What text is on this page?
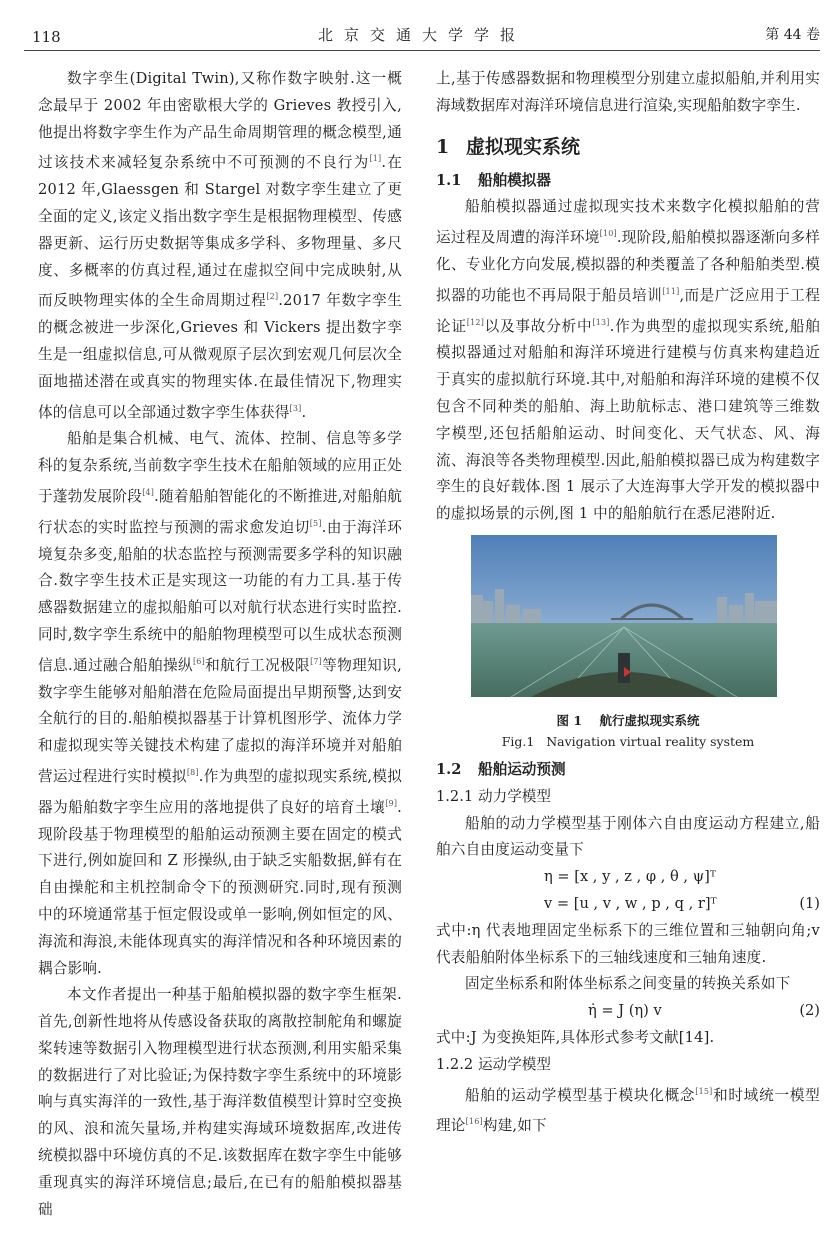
118	北京交通大学学报	第 44 卷

数字孪生(Digital Twin),又称作数字映射.这一概念最早于 2002 年由密歇根大学的 Grieves 教授引入,他提出将数字孪生作为产品生命周期管理的概念模型,通过该技术来减轻复杂系统中不可预测的不良行为[1].在 2012 年,Glaessgen 和 Stargel 对数字孪生建立了更全面的定义,该定义指出数字孪生是根据物理模型、传感器更新、运行历史数据等集成多学科、多物理量、多尺度、多概率的仿真过程,通过在虚拟空间中完成映射,从而反映物理实体的全生命周期过程[2].2017 年数字孪生的概念被进一步深化,Grieves 和 Vickers 提出数字孪生是一组虚拟信息,可从微观原子层次到宏观几何层次全面地描述潜在或真实的物理实体.在最佳情况下,物理实体的信息可以全部通过数字孪生体获得[3].

船舶是集合机械、电气、流体、控制、信息等多学科的复杂系统,当前数字孪生技术在船舶领域的应用正处于蓬勃发展阶段[4].随着船舶智能化的不断推进,对船舶航行状态的实时监控与预测的需求愈发迫切[5].由于海洋环境复杂多变,船舶的状态监控与预测需要多学科的知识融合.数字孪生技术正是实现这一功能的有力工具.基于传感器数据建立的虚拟船舶可以对航行状态进行实时监控.同时,数字孪生系统中的船舶物理模型可以生成状态预测信息.通过融合船舶操纵[6]和航行工况极限[7]等物理知识,数字孪生能够对船舶潜在危险局面提出早期预警,达到安全航行的目的.船舶模拟器基于计算机图形学、流体力学和虚拟现实等关键技术构建了虚拟的海洋环境并对船舶营运过程进行实时模拟[8].作为典型的虚拟现实系统,模拟器为船舶数字孪生应用的落地提供了良好的培育土壤[9].现阶段基于物理模型的船舶运动预测主要在固定的模式下进行,例如旋回和 Z 形操纵,由于缺乏实船数据,鲜有在自由操舵和主机控制命令下的预测研究.同时,现有预测中的环境通常基于恒定假设或单一影响,例如恒定的风、海流和海浪,未能体现真实的海洋情况和各种环境因素的耦合影响.

本文作者提出一种基于船舶模拟器的数字孪生框架.首先,创新性地将从传感设备获取的离散控制舵角和螺旋桨转速等数据引入物理模型进行状态预测,利用实船采集的数据进行了对比验证;为保持数字孪生系统中的环境影响与真实海洋的一致性,基于海洋数值模型计算时空变换的风、浪和流矢量场,并构建实海域环境数据库,改进传统模拟器中环境仿真的不足.该数据库在数字孪生中能够重现真实的海洋环境信息;最后,在已有的船舶模拟器基础

上,基于传感器数据和物理模型分别建立虚拟船舶,并利用实海域数据库对海洋环境信息进行渲染,实现船舶数字孪生.

1 虚拟现实系统
1.1 船舶模拟器

船舶模拟器通过虚拟现实技术来数字化模拟船舶的营运过程及周遭的海洋环境[10].现阶段,船舶模拟器逐渐向多样化、专业化方向发展,模拟器的种类覆盖了各种船舶类型.模拟器的功能也不再局限于船员培训[11],而是广泛应用于工程论证[12]以及事故分析中[13].作为典型的虚拟现实系统,船舶模拟器通过对船舶和海洋环境进行建模与仿真来构建趋近于真实的虚拟航行环境.其中,对船舶和海洋环境的建模不仅包含不同种类的船舶、海上助航标志、港口建筑等三维数字模型,还包括船舶运动、时间变化、天气状态、风、海流、海浪等各类物理模型.因此,船舶模拟器已成为构建数字孪生的良好载体.图 1 展示了大连海事大学开发的模拟器中的虚拟场景的示例,图 1 中的船舶航行在悉尼港附近.

图 1 航行虚拟现实系统
Fig.1 Navigation virtual reality system
1.2 船舶运动预测
1.2.1 动力学模型

船舶的动力学模型基于刚体六自由度运动方程建立,船舶六自由度运动变量下

η = [x , y , z , φ , θ , ψ]ᵀ
v = [u , v , w , p , q , r]ᵀ	(1)

式中:η 代表地理固定坐标系下的三维位置和三轴朝向角;v 代表船舶附体坐标系下的三轴线速度和三轴角速度.

固定坐标系和附体坐标系之间变量的转换关系如下

η̇ = J (η) v	(2)

式中:J 为变换矩阵,具体形式参考文献[14].

1.2.2 运动学模型

船舶的运动学模型基于模块化概念[15]和时域统一模型理论[16]构建,如下
